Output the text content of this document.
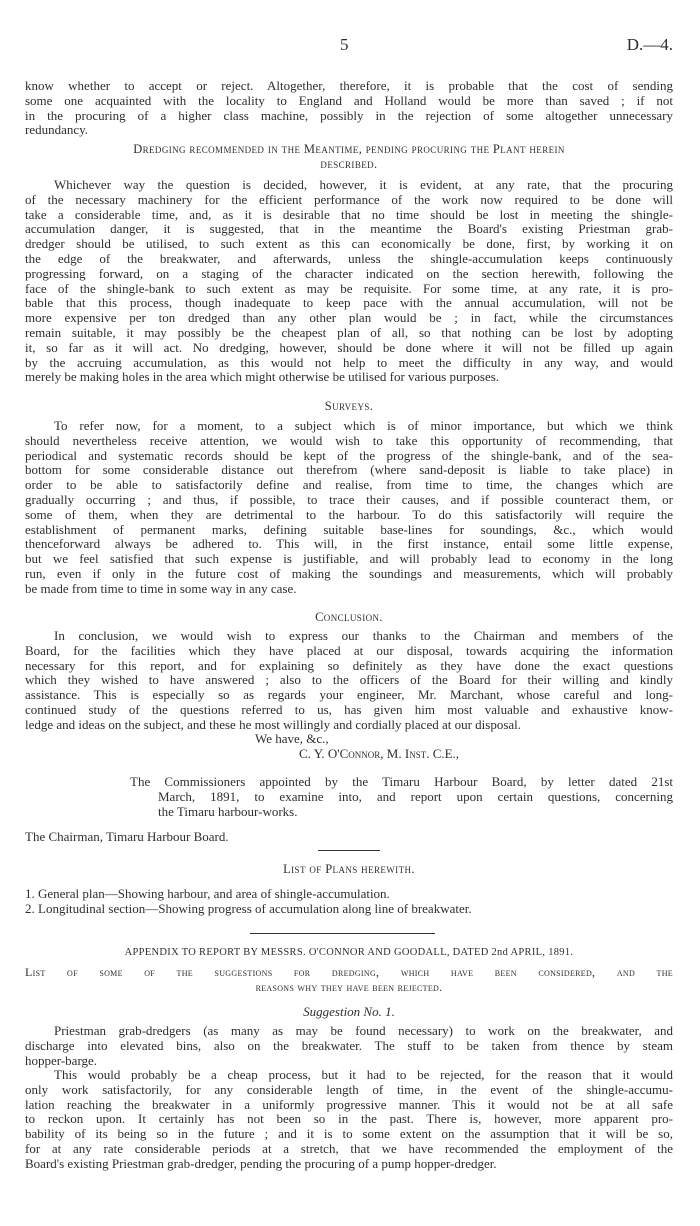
5	D.—4.
know whether to accept or reject. Altogether, therefore, it is probable that the cost of sending
some one acquainted with the locality to England and Holland would be more than saved ; if not
in the procuring of a higher class machine, possibly in the rejection of some altogether unnecessary
redundancy.
Dredging recommended in the Meantime, pending procuring the Plant herein
described.
Whichever way the question is decided, however, it is evident, at any rate, that the procuring
of the necessary machinery for the efficient performance of the work now required to be done will
take a considerable time, and, as it is desirable that no time should be lost in meeting the shingle-
accumulation danger, it is suggested, that in the meantime the Board's existing Priestman grab-
dredger should be utilised, to such extent as this can economically be done, first, by working it on
the edge of the breakwater, and afterwards, unless the shingle-accumulation keeps continuously
progressing forward, on a staging of the character indicated on the section herewith, following the
face of the shingle-bank to such extent as may be requisite. For some time, at any rate, it is pro-
bable that this process, though inadequate to keep pace with the annual accumulation, will not be
more expensive per ton dredged than any other plan would be ; in fact, while the circumstances
remain suitable, it may possibly be the cheapest plan of all, so that nothing can be lost by adopting
it, so far as it will act. No dredging, however, should be done where it will not be filled up again
by the accruing accumulation, as this would not help to meet the difficulty in any way, and would
merely be making holes in the area which might otherwise be utilised for various purposes.
Surveys.
To refer now, for a moment, to a subject which is of minor importance, but which we think
should nevertheless receive attention, we would wish to take this opportunity of recommending, that
periodical and systematic records should be kept of the progress of the shingle-bank, and of the sea-
bottom for some considerable distance out therefrom (where sand-deposit is liable to take place) in
order to be able to satisfactorily define and realise, from time to time, the changes which are
gradually occurring ; and thus, if possible, to trace their causes, and if possible counteract them, or
some of them, when they are detrimental to the harbour. To do this satisfactorily will require the
establishment of permanent marks, defining suitable base-lines for soundings, &c., which would
thenceforward always be adhered to. This will, in the first instance, entail some little expense,
but we feel satisfied that such expense is justifiable, and will probably lead to economy in the long
run, even if only in the future cost of making the soundings and measurements, which will probably
be made from time to time in some way in any case.
Conclusion.
In conclusion, we would wish to express our thanks to the Chairman and members of the
Board, for the facilities which they have placed at our disposal, towards acquiring the information
necessary for this report, and for explaining so definitely as they have done the exact questions
which they wished to have answered ; also to the officers of the Board for their willing and kindly
assistance. This is especially so as regards your engineer, Mr. Marchant, whose careful and long-
continued study of the questions referred to us, has given him most valuable and exhaustive know-
ledge and ideas on the subject, and these he most willingly and cordially placed at our disposal.
We have, &c.,
C. Y. O'Connor, M. Inst. C.E.,
The Commissioners appointed by the Timaru Harbour Board, by letter dated 21st
March, 1891, to examine into, and report upon certain questions, concerning
the Timaru harbour-works.
The Chairman, Timaru Harbour Board.
List of Plans herewith.
1. General plan—Showing harbour, and area of shingle-accumulation.
2. Longitudinal section—Showing progress of accumulation along line of breakwater.
APPENDIX TO REPORT BY MESSRS. O'CONNOR AND GOODALL, DATED 2nd APRIL, 1891.
List of some of the suggestions for dredging, which have been considered, and the
reasons why they have been rejected.
Suggestion No. 1.
Priestman grab-dredgers (as many as may be found necessary) to work on the breakwater, and
discharge into elevated bins, also on the breakwater. The stuff to be taken from thence by steam
hopper-barge.
This would probably be a cheap process, but it had to be rejected, for the reason that it would
only work satisfactorily, for any considerable length of time, in the event of the shingle-accumu-
lation reaching the breakwater in a uniformly progressive manner. This it would not be at all safe
to reckon upon. It certainly has not been so in the past. There is, however, more apparent pro-
bability of its being so in the future ; and it is to some extent on the assumption that it will be so,
for at any rate considerable periods at a stretch, that we have recommended the employment of the
Board's existing Priestman grab-dredger, pending the procuring of a pump hopper-dredger.
